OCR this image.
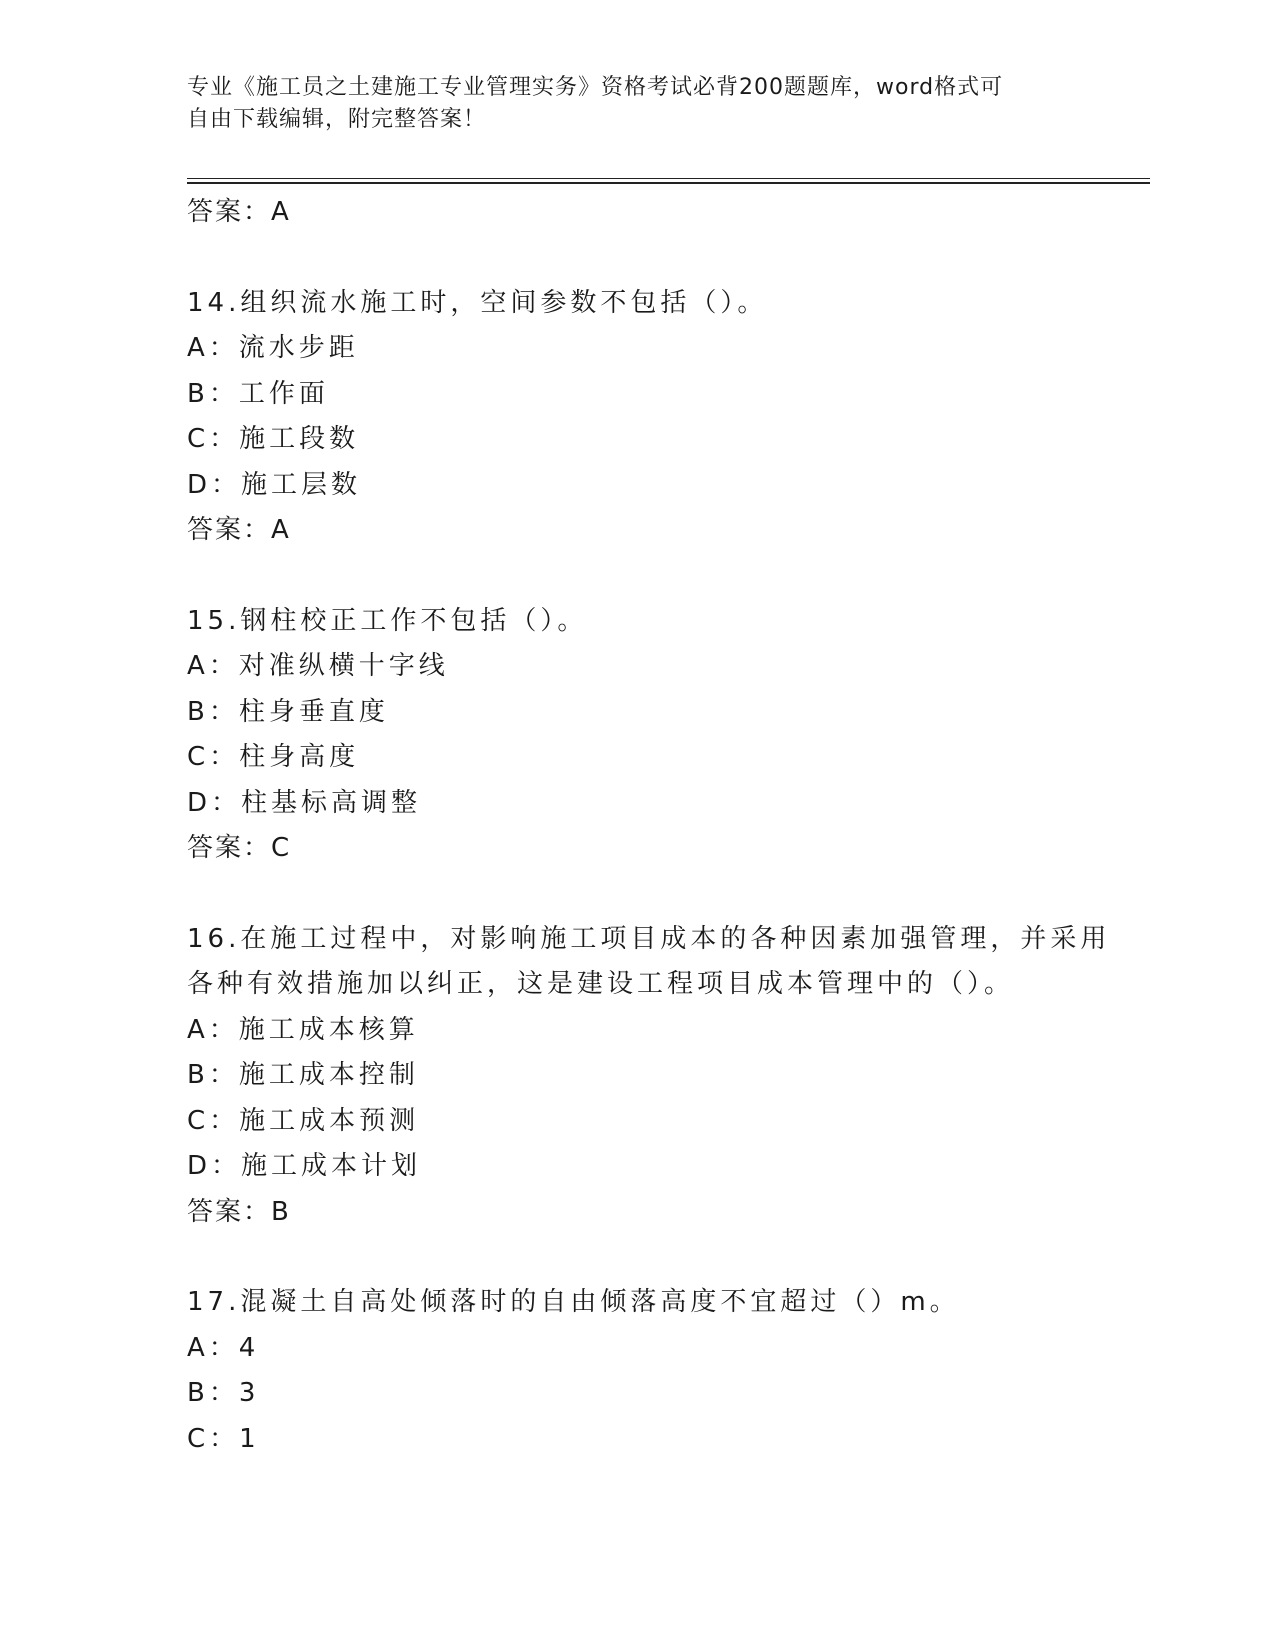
专业《施工员之土建施工专业管理实务》资格考试必背200题题库，word格式可
自由下载编辑，附完整答案！
答案：A
14.组织流水施工时，空间参数不包括（）。
A：流水步距
B：工作面
C：施工段数
D：施工层数
答案：A
15.钢柱校正工作不包括（）。
A：对准纵横十字线
B：柱身垂直度
C：柱身高度
D：柱基标高调整
答案：C
16.在施工过程中，对影响施工项目成本的各种因素加强管理，并采用
各种有效措施加以纠正，这是建设工程项目成本管理中的（）。
A：施工成本核算
B：施工成本控制
C：施工成本预测
D：施工成本计划
答案：B
17.混凝土自高处倾落时的自由倾落高度不宜超过（）m。
A：4
B：3
C：1
